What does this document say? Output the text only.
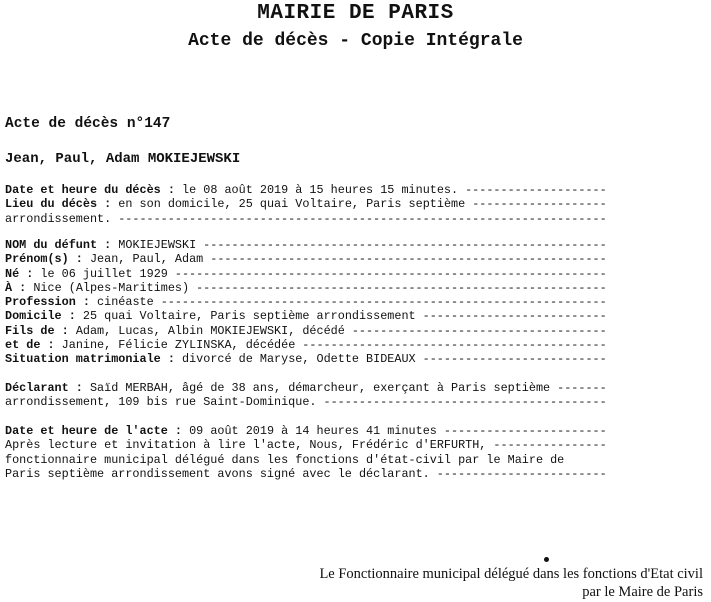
MAIRIE DE PARIS
Acte de décès - Copie Intégrale
Acte de décès n°147
Jean, Paul, Adam MOKIEJEWSKI
Date et heure du décès : le 08 août 2019 à 15 heures 15 minutes.
-----
Lieu du décès : en son domicile, 25 quai Voltaire, Paris septième
-----
arrondissement.
-----
NOM du défunt : MOKIEJEWSKI
-----
Prénom(s) : Jean, Paul, Adam
-----
Né : le 06 juillet 1929
-----
À : Nice (Alpes-Maritimes)
-----
Profession : cinéaste
-----
Domicile : 25 quai Voltaire, Paris septième arrondissement
-----
Fils de : Adam, Lucas, Albin MOKIEJEWSKI, décédé
-----
et de : Janine, Félicie ZYLINSKA, décédée
-----
Situation matrimoniale : divorcé de Maryse, Odette BIDEAUX
-----
Déclarant : Saïd MERBAH, âgé de 38 ans, démarcheur, exerçant à Paris septième
-----
arrondissement, 109 bis rue Saint-Dominique.
-----
Date et heure de l'acte : 09 août 2019 à 14 heures 41 minutes
-----
Après lecture et invitation à lire l'acte, Nous, Frédéric d'ERFURTH,
-----
fonctionnaire municipal délégué dans les fonctions d'état-civil par le Maire de
Paris septième arrondissement avons signé avec le déclarant.
-----
Le Fonctionnaire municipal délégué dans les fonctions d'Etat civil
par le Maire de Paris
